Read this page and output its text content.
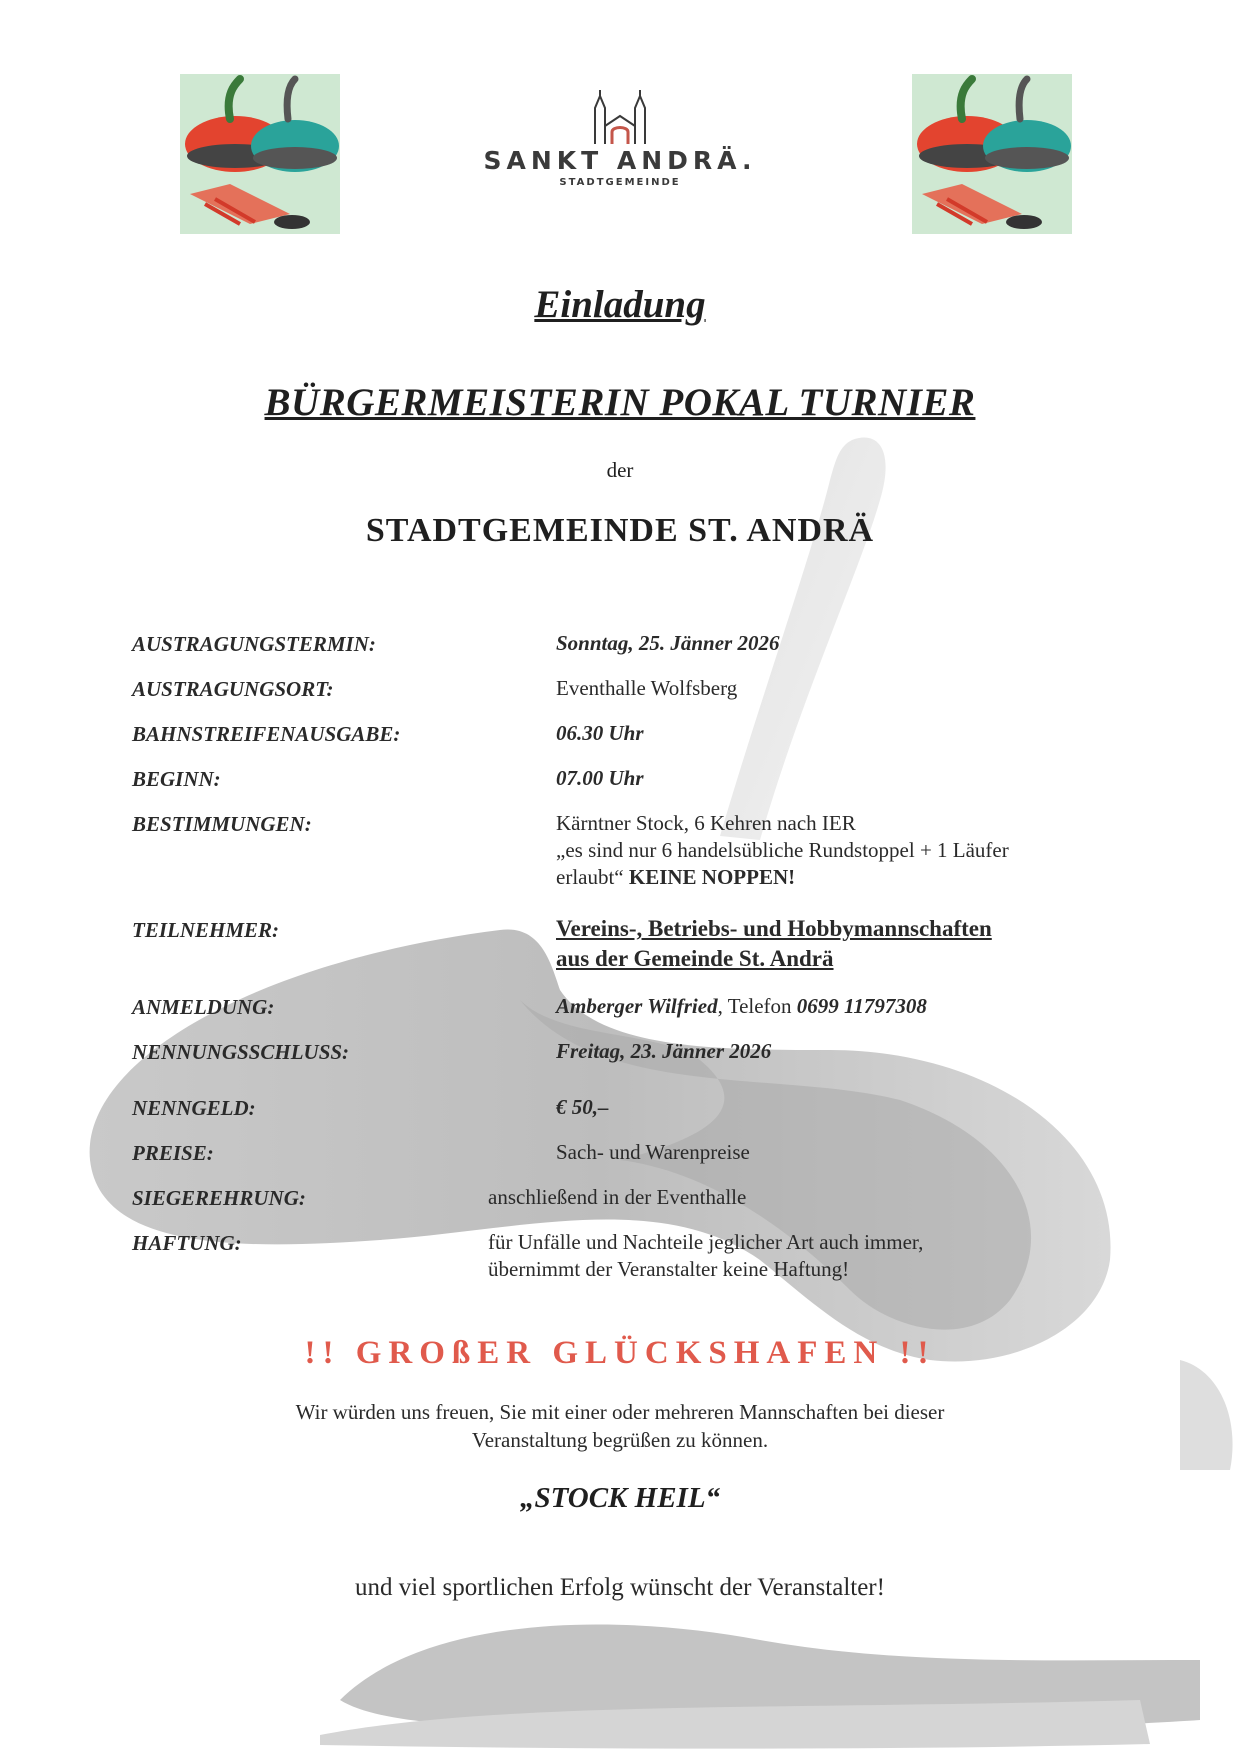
SANKT ANDRÄ.
STADTGEMEINDE
Einladung
BÜRGERMEISTERIN POKAL TURNIER
der
STADTGEMEINDE ST. ANDRÄ
AUSTRAGUNGSTERMIN:	Sonntag, 25. Jänner 2026
AUSTRAGUNGSORT:	Eventhalle Wolfsberg
BAHNSTREIFENAUSGABE:	06.30 Uhr
BEGINN:	07.00 Uhr
BESTIMMUNGEN:	Kärntner Stock, 6 Kehren nach IER
„es sind nur 6 handelsübliche Rundstoppel + 1 Läufer
erlaubt“ KEINE NOPPEN!
TEILNEHMER:	Vereins-, Betriebs- und Hobbymannschaften
aus der Gemeinde St. Andrä
ANMELDUNG:	Amberger Wilfried, Telefon 0699 11797308
NENNUNGSSCHLUSS:	Freitag, 23. Jänner 2026
NENNGELD:	€ 50,–
PREISE:	Sach- und Warenpreise
SIEGEREHRUNG:	anschließend in der Eventhalle
HAFTUNG:	für Unfälle und Nachteile jeglicher Art auch immer,
übernimmt der Veranstalter keine Haftung!
!! GROßER GLÜCKSHAFEN !!
Wir würden uns freuen, Sie mit einer oder mehreren Mannschaften bei dieser
Veranstaltung begrüßen zu können.
„STOCK HEIL“
und viel sportlichen Erfolg wünscht der Veranstalter!
